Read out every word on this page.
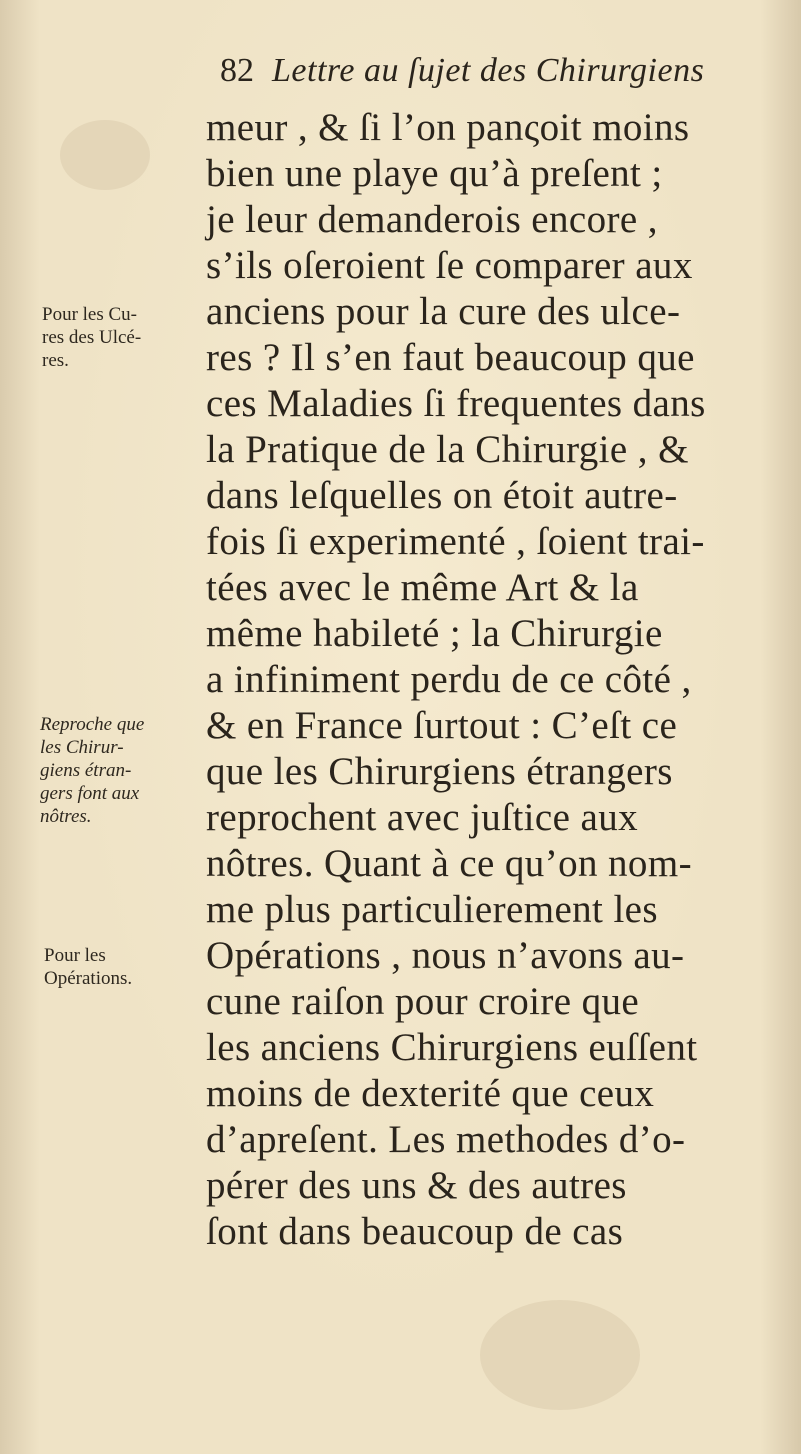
82 Lettre au ſujet des Chirurgiens
meur , & ſi l’on panςoit moins
bien une playe qu’à preſent ;
je leur demanderois encore ,
s’ils oſeroient ſe comparer aux
anciens pour la cure des ulce-
res ? Il s’en faut beaucoup que
ces Maladies ſi frequentes dans
la Pratique de la Chirurgie , &
dans leſquelles on étoit autre-
fois ſi experimenté , ſoient trai-
tées avec le même Art & la
même habileté ; la Chirurgie
a infiniment perdu de ce côté ,
& en France ſurtout : C’eſt ce
que les Chirurgiens étrangers
reprochent avec juſtice aux
nôtres. Quant à ce qu’on nom-
me plus particulierement les
Opérations , nous n’avons au-
cune raiſon pour croire que
les anciens Chirurgiens euſſent
moins de dexterité que ceux
d’apreſent. Les methodes d’o-
pérer des uns & des autres
ſont dans beaucoup de cas
Pour les Cu-
res des Ulcé-
res.
Reproche que
les Chirur-
giens étran-
gers font aux
nôtres.
Pour les
Opérations.
